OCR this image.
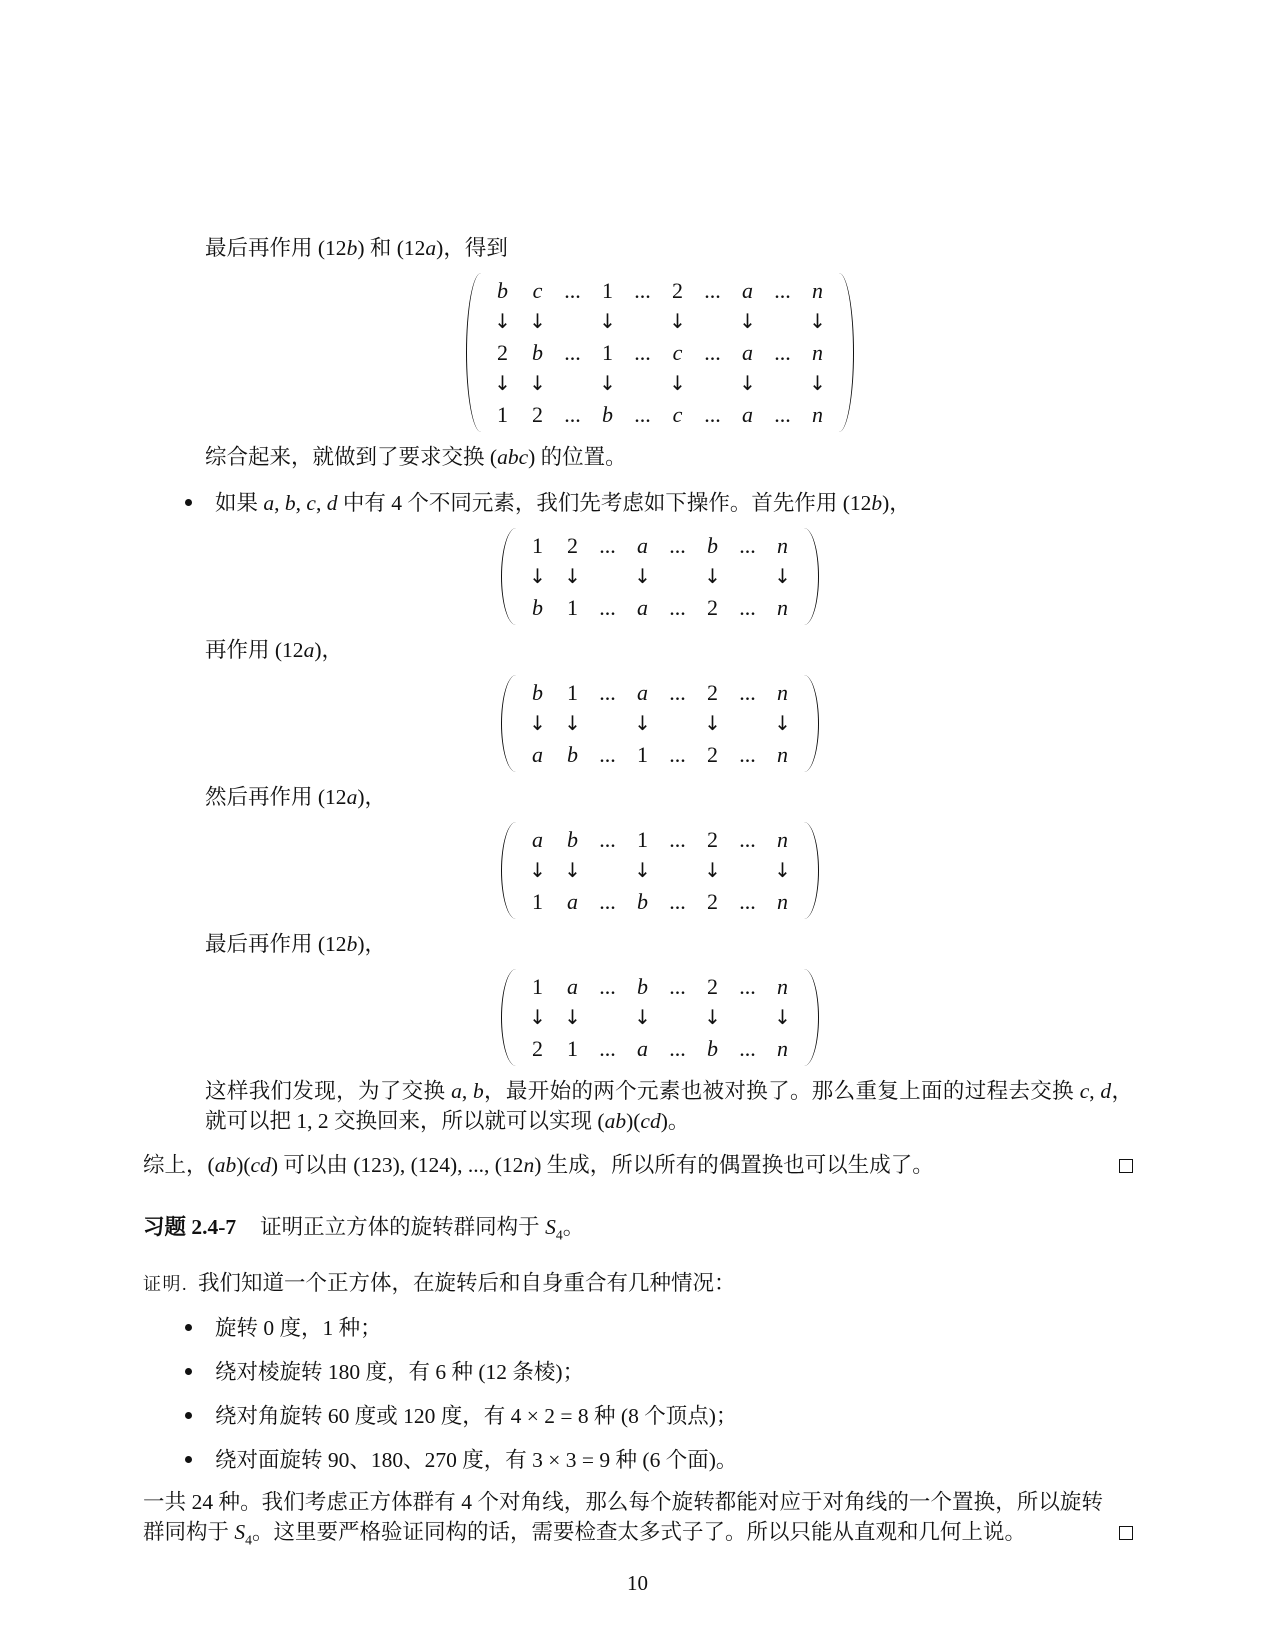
最后再作用 (12b) 和 (12a)，得到

b	c ... 1 ... 2 ... a ... n
↓ ↓	↓	↓	↓	↓
2	b ... 1 ... c ... a ... n
↓ ↓	↓	↓	↓	↓
1	2 ... b ... c ... a ... n

综合起来，就做到了要求交换 (abc) 的位置。

如果 a, b, c, d 中有 4 个不同元素，我们先考虑如下操作。首先作用 (12b)，

1	2 ... a ... b ... n
↓ ↓	↓	↓	↓
b	1 ... a ... 2 ... n

再作用 (12a)，

b	1 ... a ... 2 ... n
↓ ↓	↓	↓	↓
a	b ... 1 ... 2 ... n

然后再作用 (12a)，

a	b ... 1 ... 2 ... n
↓ ↓	↓	↓	↓
1	a ... b ... 2 ... n

最后再作用 (12b)，

1	a ... b ... 2 ... n
↓ ↓	↓	↓	↓
2	1 ... a ... b ... n

这样我们发现，为了交换 a, b，最开始的两个元素也被对换了。那么重复上面的过程去交换 c, d，就可以把 1, 2 交换回来，所以就可以实现 (ab)(cd)。

综上，(ab)(cd) 可以由 (123), (124), ..., (12n) 生成，所以所有的偶置换也可以生成了。

习题 2.4-7 证明正立方体的旋转群同构于 $S_4$。

证明. 我们知道一个正方体，在旋转后和自身重合有几种情况：

旋转 0 度，1 种；

绕对棱旋转 180 度，有 6 种 (12 条棱)；

绕对角旋转 60 度或 120 度，有 4 × 2 = 8 种 (8 个顶点)；

绕对面旋转 90、180、270 度，有 3 × 3 = 9 种 (6 个面)。

一共 24 种。我们考虑正方体群有 4 个对角线，那么每个旋转都能对应于对角线的一个置换，所以旋转群同构于 $S_4$。这里要严格验证同构的话，需要检查太多式子了。所以只能从直观和几何上说。

10
